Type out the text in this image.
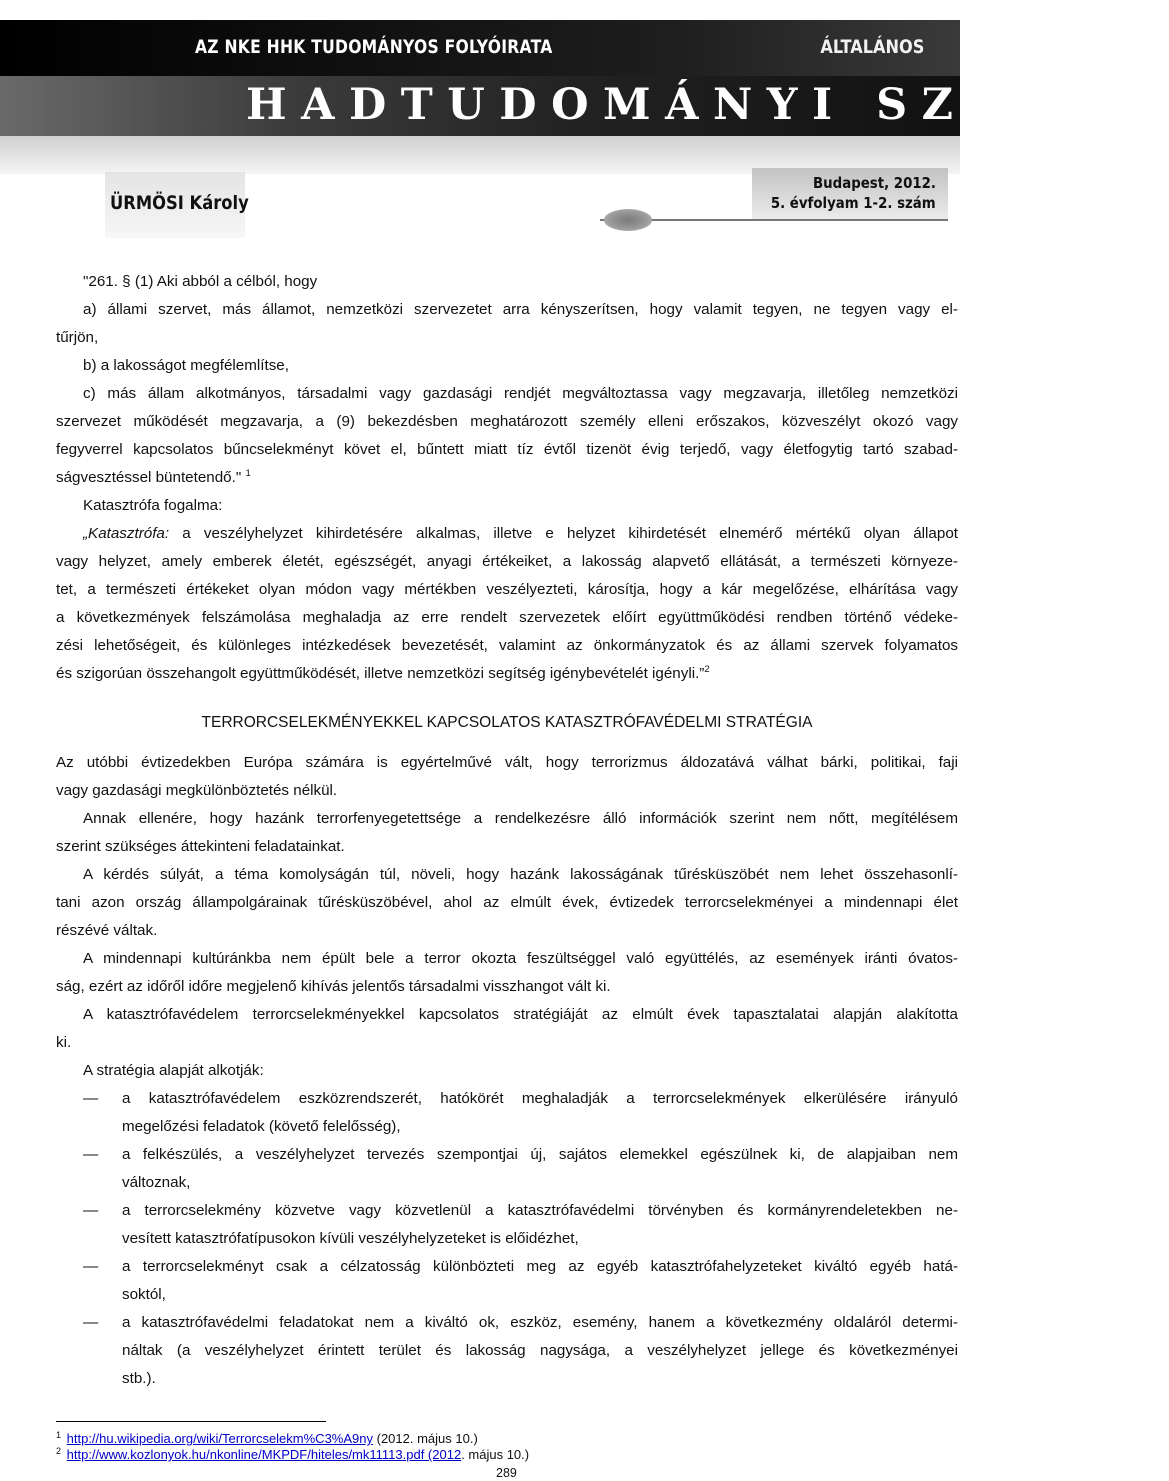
AZ NKE HHK TUDOMÁNYOS FOLYÓIRATA	ÁLTALÁNOS
HADTUDOMÁNYI SZEMLE
ÜRMÖSI Károly
Budapest, 2012.
5. évfolyam 1-2. szám
"261. § (1) Aki abból a célból, hogy
a) állami szervet, más államot, nemzetközi szervezetet arra kényszerítsen, hogy valamit tegyen, ne tegyen vagy el-
tűrjön,
b) a lakosságot megfélemlítse,
c) más állam alkotmányos, társadalmi vagy gazdasági rendjét megváltoztassa vagy megzavarja, illetőleg nemzetközi
szervezet működését megzavarja, a (9) bekezdésben meghatározott személy elleni erőszakos, közveszélyt okozó vagy
fegyverrel kapcsolatos bűncselekményt követ el, bűntett miatt tíz évtől tizenöt évig terjedő, vagy életfogytig tartó szabad-
ságvesztéssel büntetendő." $^1$
Katasztrófa fogalma:
„Katasztrófa: a veszélyhelyzet kihirdetésére alkalmas, illetve e helyzet kihirdetését elnemérő mértékű olyan állapot
vagy helyzet, amely emberek életét, egészségét, anyagi értékeiket, a lakosság alapvető ellátását, a természeti környeze-
tet, a természeti értékeket olyan módon vagy mértékben veszélyezteti, károsítja, hogy a kár megelőzése, elhárítása vagy
a következmények felszámolása meghaladja az erre rendelt szervezetek előírt együttműködési rendben történő védeke-
zési lehetőségeit, és különleges intézkedések bevezetését, valamint az önkormányzatok és az állami szervek folyamatos
és szigorúan összehangolt együttműködését, illetve nemzetközi segítség igénybevételét igényli.”$^2$
TERRORCSELEKMÉNYEKKEL KAPCSOLATOS KATASZTRÓFAVÉDELMI STRATÉGIA
Az utóbbi évtizedekben Európa számára is egyértelművé vált, hogy terrorizmus áldozatává válhat bárki, politikai, faji
vagy gazdasági megkülönböztetés nélkül.
Annak ellenére, hogy hazánk terrorfenyegetettsége a rendelkezésre álló információk szerint nem nőtt, megítélésem
szerint szükséges áttekinteni feladatainkat.
A kérdés súlyát, a téma komolyságán túl, növeli, hogy hazánk lakosságának tűrésküszöbét nem lehet összehasonlí-
tani azon ország állampolgárainak tűrésküszöbével, ahol az elmúlt évek, évtizedek terrorcselekményei a mindennapi élet
részévé váltak.
A mindennapi kultúránkba nem épült bele a terror okozta feszültséggel való együttélés, az események iránti óvatos-
ság, ezért az időről időre megjelenő kihívás jelentős társadalmi visszhangot vált ki.
A katasztrófavédelem terrorcselekményekkel kapcsolatos stratégiáját az elmúlt évek tapasztalatai alapján alakította
ki.
A stratégia alapját alkotják:
— a katasztrófavédelem eszközrendszerét, hatókörét meghaladják a terrorcselekmények elkerülésére irányuló
megelőzési feladatok (követő felelősség),
— a felkészülés, a veszélyhelyzet tervezés szempontjai új, sajátos elemekkel egészülnek ki, de alapjaiban nem
változnak,
— a terrorcselekmény közvetve vagy közvetlenül a katasztrófavédelmi törvényben és kormányrendeletekben ne-
vesített katasztrófatípusokon kívüli veszélyhelyzeteket is előidézhet,
— a terrorcselekményt csak a célzatosság különbözteti meg az egyéb katasztrófahelyzeteket kiváltó egyéb hatá-
soktól,
— a katasztrófavédelmi feladatokat nem a kiváltó ok, eszköz, esemény, hanem a következmény oldaláról determi-
náltak (a veszélyhelyzet érintett terület és lakosság nagysága, a veszélyhelyzet jellege és következményei
stb.).
$^1$ http://hu.wikipedia.org/wiki/Terrorcselekm%C3%A9ny (2012. május 10.)
$^2$ http://www.kozlonyok.hu/nkonline/MKPDF/hiteles/mk11113.pdf (2012. május 10.)
289
